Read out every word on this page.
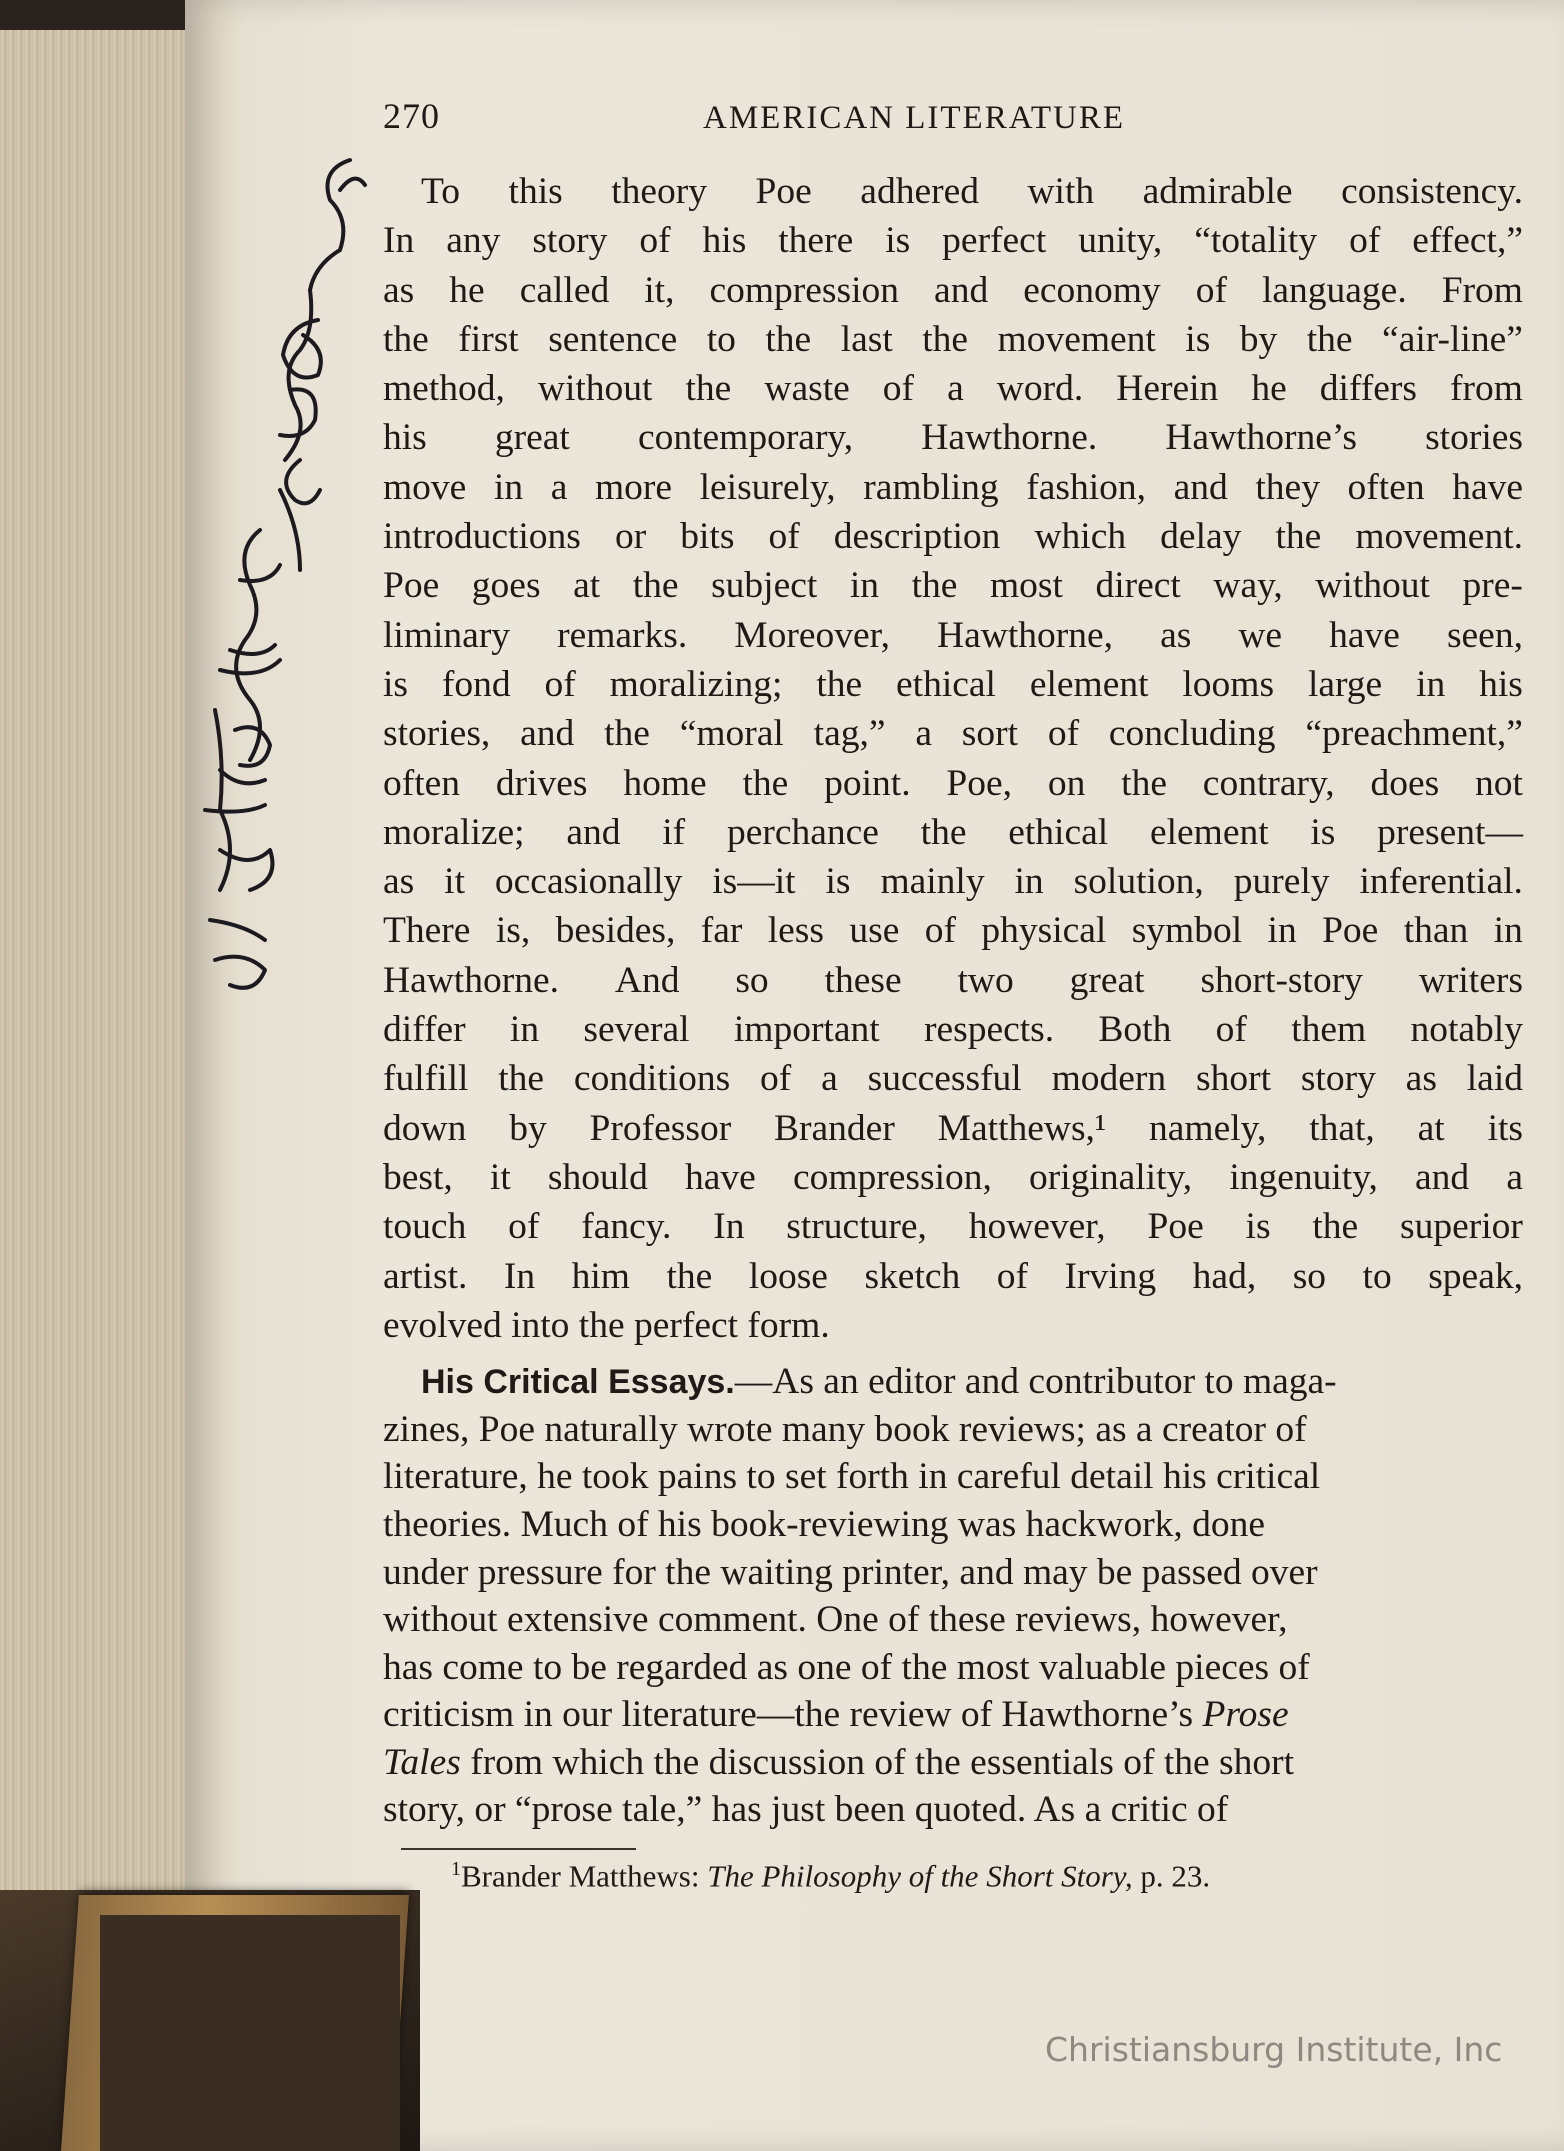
270	AMERICAN LITERATURE
To this theory Poe adhered with admirable consistency.
In any story of his there is perfect unity, “totality of effect,”
as he called it, compression and economy of language. From
the first sentence to the last the movement is by the “air-line”
method, without the waste of a word. Herein he differs from
his great contemporary, Hawthorne. Hawthorne’s stories
move in a more leisurely, rambling fashion, and they often have
introductions or bits of description which delay the movement.
Poe goes at the subject in the most direct way, without pre-
liminary remarks. Moreover, Hawthorne, as we have seen,
is fond of moralizing; the ethical element looms large in his
stories, and the “moral tag,” a sort of concluding “preachment,”
often drives home the point. Poe, on the contrary, does not
moralize; and if perchance the ethical element is present—
as it occasionally is—it is mainly in solution, purely inferential.
There is, besides, far less use of physical symbol in Poe than in
Hawthorne. And so these two great short-story writers
differ in several important respects. Both of them notably
fulfill the conditions of a successful modern short story as laid
down by Professor Brander Matthews,¹ namely, that, at its
best, it should have compression, originality, ingenuity, and a
touch of fancy. In structure, however, Poe is the superior
artist. In him the loose sketch of Irving had, so to speak,
evolved into the perfect form.
His Critical Essays.—As an editor and contributor to maga-
zines, Poe naturally wrote many book reviews; as a creator of
literature, he took pains to set forth in careful detail his critical
theories. Much of his book-reviewing was hackwork, done
under pressure for the waiting printer, and may be passed over
without extensive comment. One of these reviews, however,
has come to be regarded as one of the most valuable pieces of
criticism in our literature—the review of Hawthorne’s Prose
Tales from which the discussion of the essentials of the short
story, or “prose tale,” has just been quoted. As a critic of
$^1$Brander Matthews: The Philosophy of the Short Story, p. 23.
Christiansburg Institute, Inc
